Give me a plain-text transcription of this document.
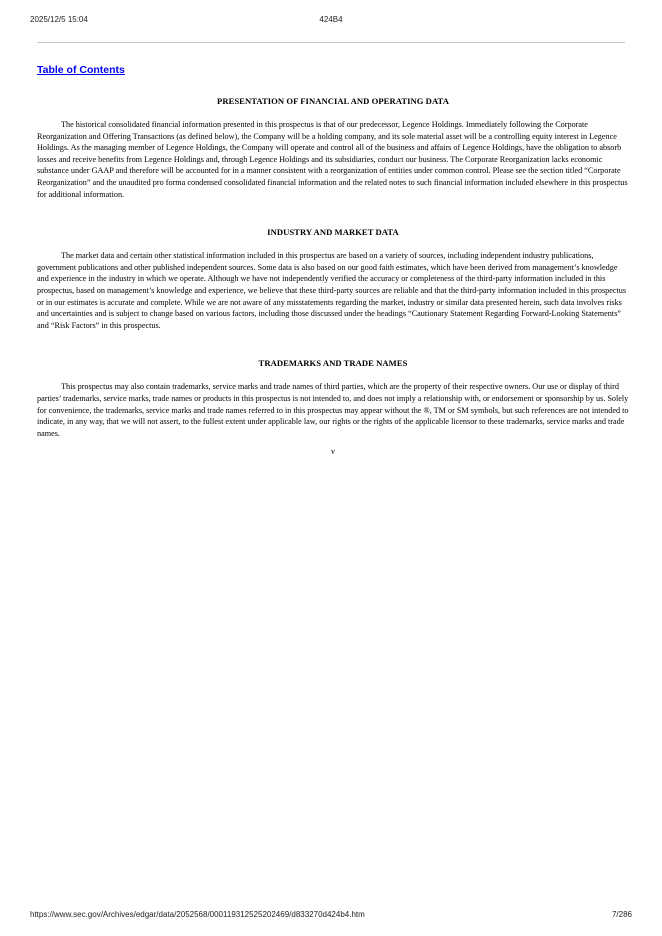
2025/12/5 15:04	424B4
Table of Contents
PRESENTATION OF FINANCIAL AND OPERATING DATA

The historical consolidated financial information presented in this prospectus is that of our predecessor, Legence Holdings. Immediately following the Corporate Reorganization and Offering Transactions (as defined below), the Company will be a holding company, and its sole material asset will be a controlling equity interest in Legence Holdings. As the managing member of Legence Holdings, the Company will operate and control all of the business and affairs of Legence Holdings, have the obligation to absorb losses and receive benefits from Legence Holdings and, through Legence Holdings and its subsidiaries, conduct our business. The Corporate Reorganization lacks economic substance under GAAP and therefore will be accounted for in a manner consistent with a reorganization of entities under common control. Please see the section titled “Corporate Reorganization” and the unaudited pro forma condensed consolidated financial information and the related notes to such financial information included elsewhere in this prospectus for additional information.

INDUSTRY AND MARKET DATA

The market data and certain other statistical information included in this prospectus are based on a variety of sources, including independent industry publications, government publications and other published independent sources. Some data is also based on our good faith estimates, which have been derived from management’s knowledge and experience in the industry in which we operate. Although we have not independently verified the accuracy or completeness of the third-party information included in this prospectus, based on management’s knowledge and experience, we believe that these third-party sources are reliable and that the third-party information included in this prospectus or in our estimates is accurate and complete. While we are not aware of any misstatements regarding the market, industry or similar data presented herein, such data involves risks and uncertainties and is subject to change based on various factors, including those discussed under the headings “Cautionary Statement Regarding Forward-Looking Statements” and “Risk Factors” in this prospectus.

TRADEMARKS AND TRADE NAMES

This prospectus may also contain trademarks, service marks and trade names of third parties, which are the property of their respective owners. Our use or display of third parties’ trademarks, service marks, trade names or products in this prospectus is not intended to, and does not imply a relationship with, or endorsement or sponsorship by us. Solely for convenience, the trademarks, service marks and trade names referred to in this prospectus may appear without the ®, TM or SM symbols, but such references are not intended to indicate, in any way, that we will not assert, to the fullest extent under applicable law, our rights or the rights of the applicable licensor to these trademarks, service marks and trade names.

v
https://www.sec.gov/Archives/edgar/data/2052568/000119312525202469/d833270d424b4.htm	7/286
